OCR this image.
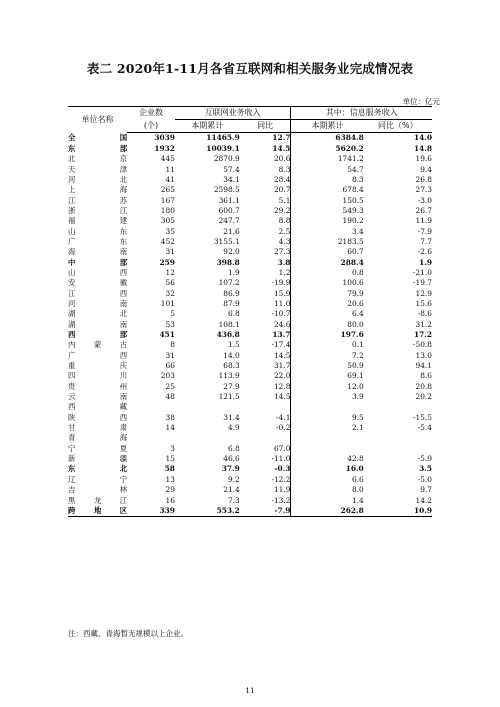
表二 2020年1-11月各省互联网和相关服务业完成情况表
单位：亿元
单位名称	企业数	互联网业务收入		其中：信息服务收入	
	(个)	本期累计	同比	本期累计	同比（%）
全国	3039	11465.9	12.7	6384.8	14.0
东部	1932	10039.1	14.5	5620.2	14.8
北京	445	2870.9	20.6	1741.2	19.6
天津	11	57.4	8.3	54.7	9.4
河北	41	34.1	28.4	8.3	26.8
上海	265	2598.5	20.7	678.4	27.3
江苏	167	361.1	5.1	150.5	-3.0
浙江	180	600.7	29.2	549.3	26.7
福建	305	247.7	8.8	190.2	11.9
山东	35	21.6	2.5	3.4	-7.9
广东	452	3155.1	4.3	2183.5	7.7
海南	31	92.0	27.3	60.7	-2.6
中部	259	398.8	3.8	288.4	1.9
山西	12	1.9	1.2	0.8	-21.0
安徽	56	107.2	-19.9	100.6	-19.7
江西	32	86.9	15.9	79.9	12.9
河南	101	87.9	11.0	20.6	15.6
湖北	5	6.8	-10.7	6.4	-8.6
湖南	53	108.1	24.6	80.0	31.2
西部	451	436.8	13.7	197.6	17.2
内蒙古	8	1.5	-17.4	0.1	-50.8
广西	31	14.0	14.5	7.2	13.0
重庆	66	68.3	31.7	50.9	94.1
四川	203	113.9	22.0	69.1	8.6
贵州	25	27.9	12.8	12.0	20.8
云南	48	121.5	14.5	3.9	20.2
西藏					
陕西	38	31.4	-4.1	9.5	-15.5
甘肃	14	4.9	-0.2	2.1	-5.4
青海					
宁夏	3	6.8	67.0		
新疆	15	46.6	-11.0	42.8	-5.9
东北	58	37.9	-0.3	16.0	3.5
辽宁	13	9.2	-12.2	6.6	-5.0
吉林	29	21.4	11.9	8.0	9.7
黑龙江	16	7.3	-13.2	1.4	14.2
跨地区	339	553.2	-7.9	262.8	10.9
注：西藏、青海暂无规模以上企业。
11
